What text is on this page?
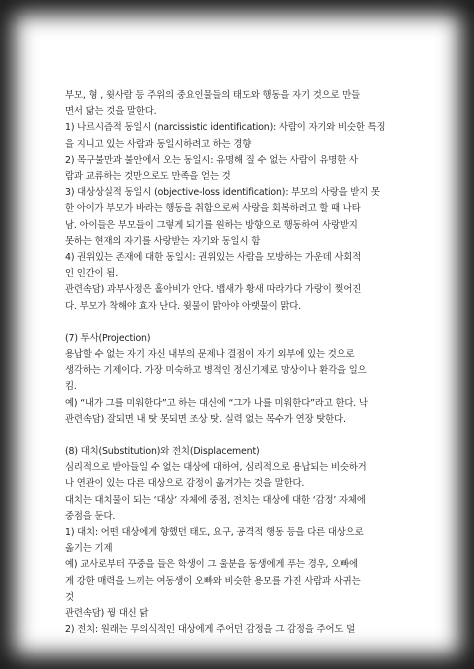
부모, 형 , 윗사람 등 주위의 중요인물들의 태도와 행동을 자기 것으로 만들

면서 닮는 것을 말한다.

1) 나르시즘적 동일시 (narcissistic identification): 사람이 자기와 비슷한 특징

을 지니고 있는 사람과 동일시하려고 하는 경향

2) 목구불만과 불안에서 오는 동일시: 유명해 질 수 없는 사람이 유명한 사

람과 교류하는 것만으로도 만족을 얻는 것

3) 대상상실적 동일시 (objective-loss identification): 부모의 사랑을 받지 못

한 아이가 부모가 바라는 행동을 취함으로써 사랑을 회복하려고 할 때 나타

남. 아이들은 부모들이 그렇게 되기를 원하는 방향으로 행동하여 사랑받지

못하는 현재의 자기를 사랑받는 자기와 동일시 함

4) 권위있는 존재에 대한 동일시: 권위있는 사람을 모방하는 가운데 사회적

인 인간이 됨.

관련속담) 과부사정은 홀아비가 안다. 뱁새가 황새 따라가다 가랑이 찢어진

다. 부모가 착해야 효자 난다. 윗물이 맑아야 아랫물이 맑다.

(7) 투사(Projection)

용납할 수 없는 자기 자신 내부의 문제나 결점이 자기 외부에 있는 것으로

생각하는 기제이다. 가장 미숙하고 병적인 정신기제로 망상이나 환각을 일으

킴.

예) “내가 그를 미워한다”고 하는 대신에 “그가 나를 미워한다”라고 한다. 낙

관련속담) 잘되면 내 탓 못되면 조상 탓. 실력 없는 목수가 연장 탓한다.

(8) 대치(Substitution)와 전치(Displacement)

심리적으로 받아들일 수 없는 대상에 대하여, 심리적으로 용납되는 비슷하거

나 연관이 있는 다른 대상으로 감정이 옮겨가는 것을 말한다.

대치는 대치물이 되는 ‘대상’ 자체에 중점, 전치는 대상에 대한 ‘감정’ 자체에

중점을 둔다.

1) 대치: 어떤 대상에게 향했던 태도, 요구, 공격적 행동 등을 다른 대상으로

옮기는 기제

예) 교사로부터 꾸중을 들은 학생이 그 울분을 동생에게 푸는 경우, 오빠에

게 강한 매력을 느끼는 여동생이 오빠와 비슷한 용모를 가진 사람과 사귀는

것

관련속담) 꿩 대신 닭

2) 전치: 원래는 무의식적인 대상에게 주어던 감정을 그 감정을 주어도 덜
